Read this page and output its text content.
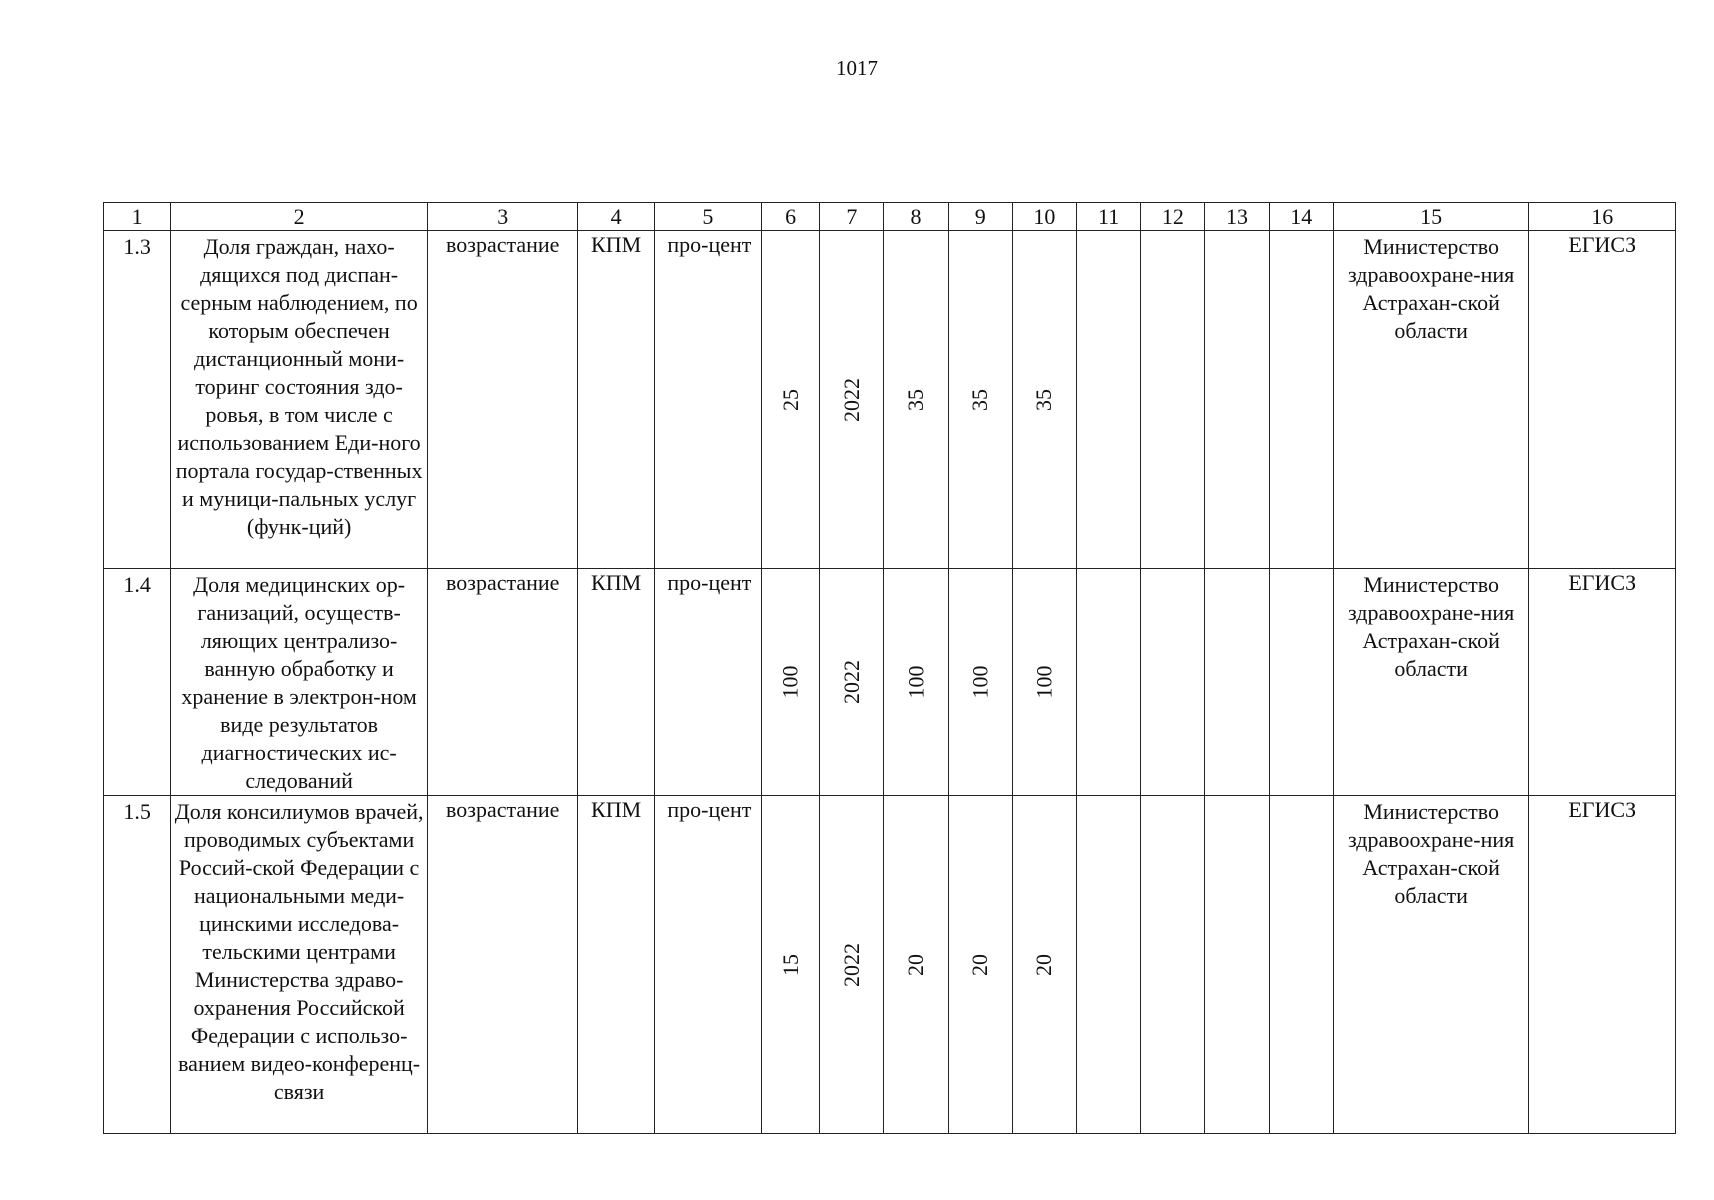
1017
1	2	3	4	5	6	7	8	9	10	11	12	13	14	15	16
1.3	Доля граждан, нахо-дящихся под диспан-серным наблюдением, по которым обеспечен дистанционный мони-торинг состояния здо-ровья, в том числе с использованием Еди-ного портала государ-ственных и муници-пальных услуг (функ-ций)	возрастание	КПМ	про-цент	25	2022	35	35	35					Министерство здравоохране-ния Астрахан-ской области	ЕГИСЗ
1.4	Доля медицинских ор-ганизаций, осуществ-ляющих централизо-ванную обработку и хранение в электрон-ном виде результатов диагностических ис-следований	возрастание	КПМ	про-цент	100	2022	100	100	100					Министерство здравоохране-ния Астрахан-ской области	ЕГИСЗ
1.5	Доля консилиумов врачей, проводимых субъектами Россий-ской Федерации с национальными меди-цинскими исследова-тельскими центрами Министерства здраво-охранения Российской Федерации с использо-ванием видео-конференц-связи	возрастание	КПМ	про-цент	15	2022	20	20	20					Министерство здравоохране-ния Астрахан-ской области	ЕГИСЗ
